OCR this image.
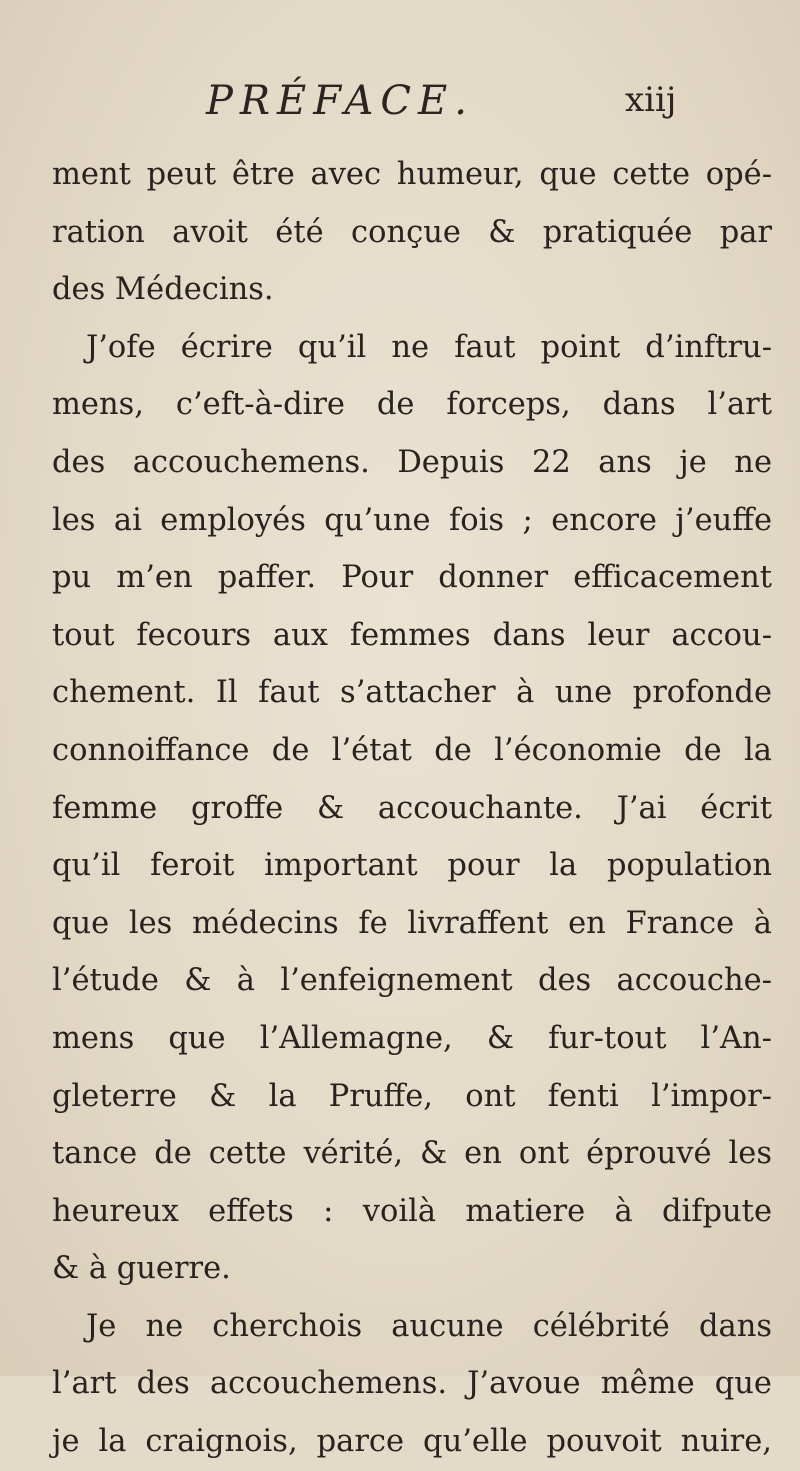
PRÉFACE.	xiij
ment peut être avec humeur, que cette opé-
ration avoit été conçue & pratiquée par
des Médecins.
J’ofe écrire qu’il ne faut point d’inftru-
mens, c’eft-à-dire de forceps, dans l’art
des accouchemens. Depuis 22 ans je ne
les ai employés qu’une fois ; encore j’euffe
pu m’en paffer. Pour donner efficacement
tout fecours aux femmes dans leur accou-
chement. Il faut s’attacher à une profonde
connoiffance de l’état de l’économie de la
femme groffe & accouchante. J’ai écrit
qu’il feroit important pour la population
que les médecins fe livraffent en France à
l’étude & à l’enfeignement des accouche-
mens que l’Allemagne, & fur-tout l’An-
gleterre & la Pruffe, ont fenti l’impor-
tance de cette vérité, & en ont éprouvé les
heureux effets : voilà matiere à difpute
& à guerre.
Je ne cherchois aucune célébrité dans
l’art des accouchemens. J’avoue même que
je la craignois, parce qu’elle pouvoit nuire,
